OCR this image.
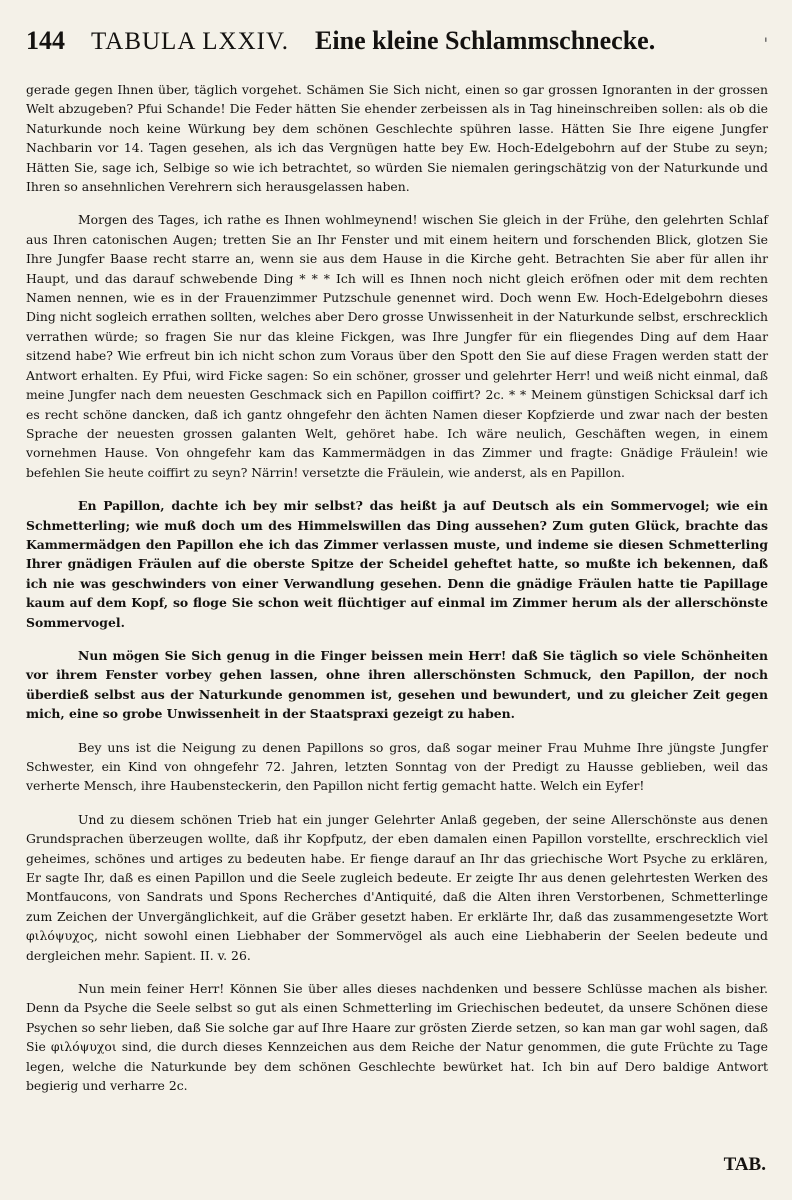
144 TABULA LXXIV. Eine kleine Schlammschnecke.	'

gerade gegen Ihnen über, täglich vorgehet. Schämen Sie Sich nicht, einen so gar grossen Ignoranten in der grossen Welt abzugeben? Pfui Schande! Die Feder hätten Sie ehender zerbeissen als in Tag hineinschreiben sollen: als ob die Naturkunde noch keine Würkung bey dem schönen Geschlechte spühren lasse. Hätten Sie Ihre eigene Jungfer Nachbarin vor 14. Tagen gesehen, als ich das Vergnügen hatte bey Ew. Hoch-Edelgebohrn auf der Stube zu seyn; Hätten Sie, sage ich, Selbige so wie ich betrachtet, so würden Sie niemalen geringschätzig von der Naturkunde und Ihren so ansehnlichen Verehrern sich herausgelassen haben.

Morgen des Tages, ich rathe es Ihnen wohlmeynend! wischen Sie gleich in der Frühe, den gelehrten Schlaf aus Ihren catonischen Augen; tretten Sie an Ihr Fenster und mit einem heitern und forschenden Blick, glotzen Sie Ihre Jungfer Baase recht starre an, wenn sie aus dem Hause in die Kirche geht. Betrachten Sie aber für allen ihr Haupt, und das darauf schwebende Ding * * * Ich will es Ihnen noch nicht gleich eröfnen oder mit dem rechten Namen nennen, wie es in der Frauenzimmer Putzschule genennet wird. Doch wenn Ew. Hoch-Edelgebohrn dieses Ding nicht sogleich errathen sollten, welches aber Dero grosse Unwissenheit in der Naturkunde selbst, erschrecklich verrathen würde; so fragen Sie nur das kleine Fickgen, was Ihre Jungfer für ein fliegendes Ding auf dem Haar sitzend habe? Wie erfreut bin ich nicht schon zum Voraus über den Spott den Sie auf diese Fragen werden statt der Antwort erhalten. Ey Pfui, wird Ficke sagen: So ein schöner, grosser und gelehrter Herr! und weiß nicht einmal, daß meine Jungfer nach dem neuesten Geschmack sich en Papillon coiffirt? 2c. * * Meinem günstigen Schicksal darf ich es recht schöne dancken, daß ich gantz ohngefehr den ächten Namen dieser Kopfzierde und zwar nach der besten Sprache der neuesten grossen galanten Welt, gehöret habe. Ich wäre neulich, Geschäften wegen, in einem vornehmen Hause. Von ohngefehr kam das Kammermädgen in das Zimmer und fragte: Gnädige Fräulein! wie befehlen Sie heute coiffirt zu seyn? Närrin! versetzte die Fräulein, wie anderst, als en Papillon.

En Papillon, dachte ich bey mir selbst? das heißt ja auf Deutsch als ein Sommervogel; wie ein Schmetterling; wie muß doch um des Himmelswillen das Ding aussehen? Zum guten Glück, brachte das Kammermädgen den Papillon ehe ich das Zimmer verlassen muste, und indeme sie diesen Schmetterling Ihrer gnädigen Fräulen auf die oberste Spitze der Scheidel geheftet hatte, so mußte ich bekennen, daß ich nie was geschwinders von einer Verwandlung gesehen. Denn die gnädige Fräulen hatte tie Papillage kaum auf dem Kopf, so floge Sie schon weit flüchtiger auf einmal im Zimmer herum als der allerschönste Sommervogel.

Nun mögen Sie Sich genug in die Finger beissen mein Herr! daß Sie täglich so viele Schönheiten vor ihrem Fenster vorbey gehen lassen, ohne ihren allerschönsten Schmuck, den Papillon, der noch überdieß selbst aus der Naturkunde genommen ist, gesehen und bewundert, und zu gleicher Zeit gegen mich, eine so grobe Unwissenheit in der Staatspraxi gezeigt zu haben.

Bey uns ist die Neigung zu denen Papillons so gros, daß sogar meiner Frau Muhme Ihre jüngste Jungfer Schwester, ein Kind von ohngefehr 72. Jahren, letzten Sonntag von der Predigt zu Hausse geblieben, weil das verherte Mensch, ihre Haubensteckerin, den Papillon nicht fertig gemacht hatte. Welch ein Eyfer!

Und zu diesem schönen Trieb hat ein junger Gelehrter Anlaß gegeben, der seine Allerschönste aus denen Grundsprachen überzeugen wollte, daß ihr Kopfputz, der eben damalen einen Papillon vorstellte, erschrecklich viel geheimes, schönes und artiges zu bedeuten habe. Er fienge darauf an Ihr das griechische Wort Psyche zu erklären, Er sagte Ihr, daß es einen Papillon und die Seele zugleich bedeute. Er zeigte Ihr aus denen gelehrtesten Werken des Montfaucons, von Sandrats und Spons Recherches d'Antiquité, daß die Alten ihren Verstorbenen, Schmetterlinge zum Zeichen der Unvergänglichkeit, auf die Gräber gesetzt haben. Er erklärte Ihr, daß das zusammengesetzte Wort φιλόψυχος, nicht sowohl einen Liebhaber der Sommervögel als auch eine Liebhaberin der Seelen bedeute und dergleichen mehr. Sapient. II. v. 26.

Nun mein feiner Herr! Können Sie über alles dieses nachdenken und bessere Schlüsse machen als bisher. Denn da Psyche die Seele selbst so gut als einen Schmetterling im Griechischen bedeutet, da unsere Schönen diese Psychen so sehr lieben, daß Sie solche gar auf Ihre Haare zur grösten Zierde setzen, so kan man gar wohl sagen, daß Sie φιλόψυχοι sind, die durch dieses Kennzeichen aus dem Reiche der Natur genommen, die gute Früchte zu Tage legen, welche die Naturkunde bey dem schönen Geschlechte bewürket hat. Ich bin auf Dero baldige Antwort begierig und verharre 2c.

TAB.
